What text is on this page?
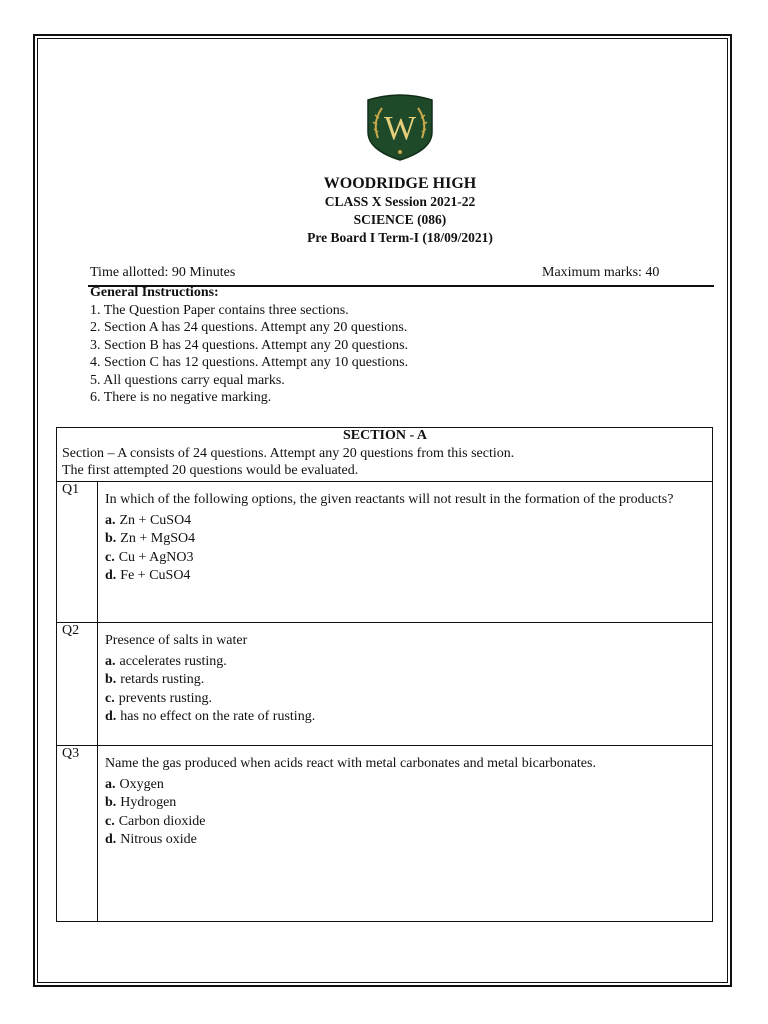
W
WOODRIDGE HIGH
CLASS X Session 2021-22
SCIENCE (086)
Pre Board I Term-I (18/09/2021)
Time allotted: 90 Minutes	Maximum marks: 40
General Instructions:
1. The Question Paper contains three sections.
2. Section A has 24 questions. Attempt any 20 questions.
3. Section B has 24 questions. Attempt any 20 questions.
4. Section C has 12 questions. Attempt any 10 questions.
5. All questions carry equal marks.
6. There is no negative marking.
SECTION - A
Section – A consists of 24 questions. Attempt any 20 questions from this section.
The first attempted 20 questions would be evaluated.
Q1
In which of the following options, the given reactants will not result in the formation of the products?
a. Zn + CuSO4
b. Zn + MgSO4
c. Cu + AgNO3
d. Fe + CuSO4
Q2
Presence of salts in water
a. accelerates rusting.
b. retards rusting.
c. prevents rusting.
d. has no effect on the rate of rusting.
Q3
Name the gas produced when acids react with metal carbonates and metal bicarbonates.
a. Oxygen
b. Hydrogen
c. Carbon dioxide
d. Nitrous oxide
